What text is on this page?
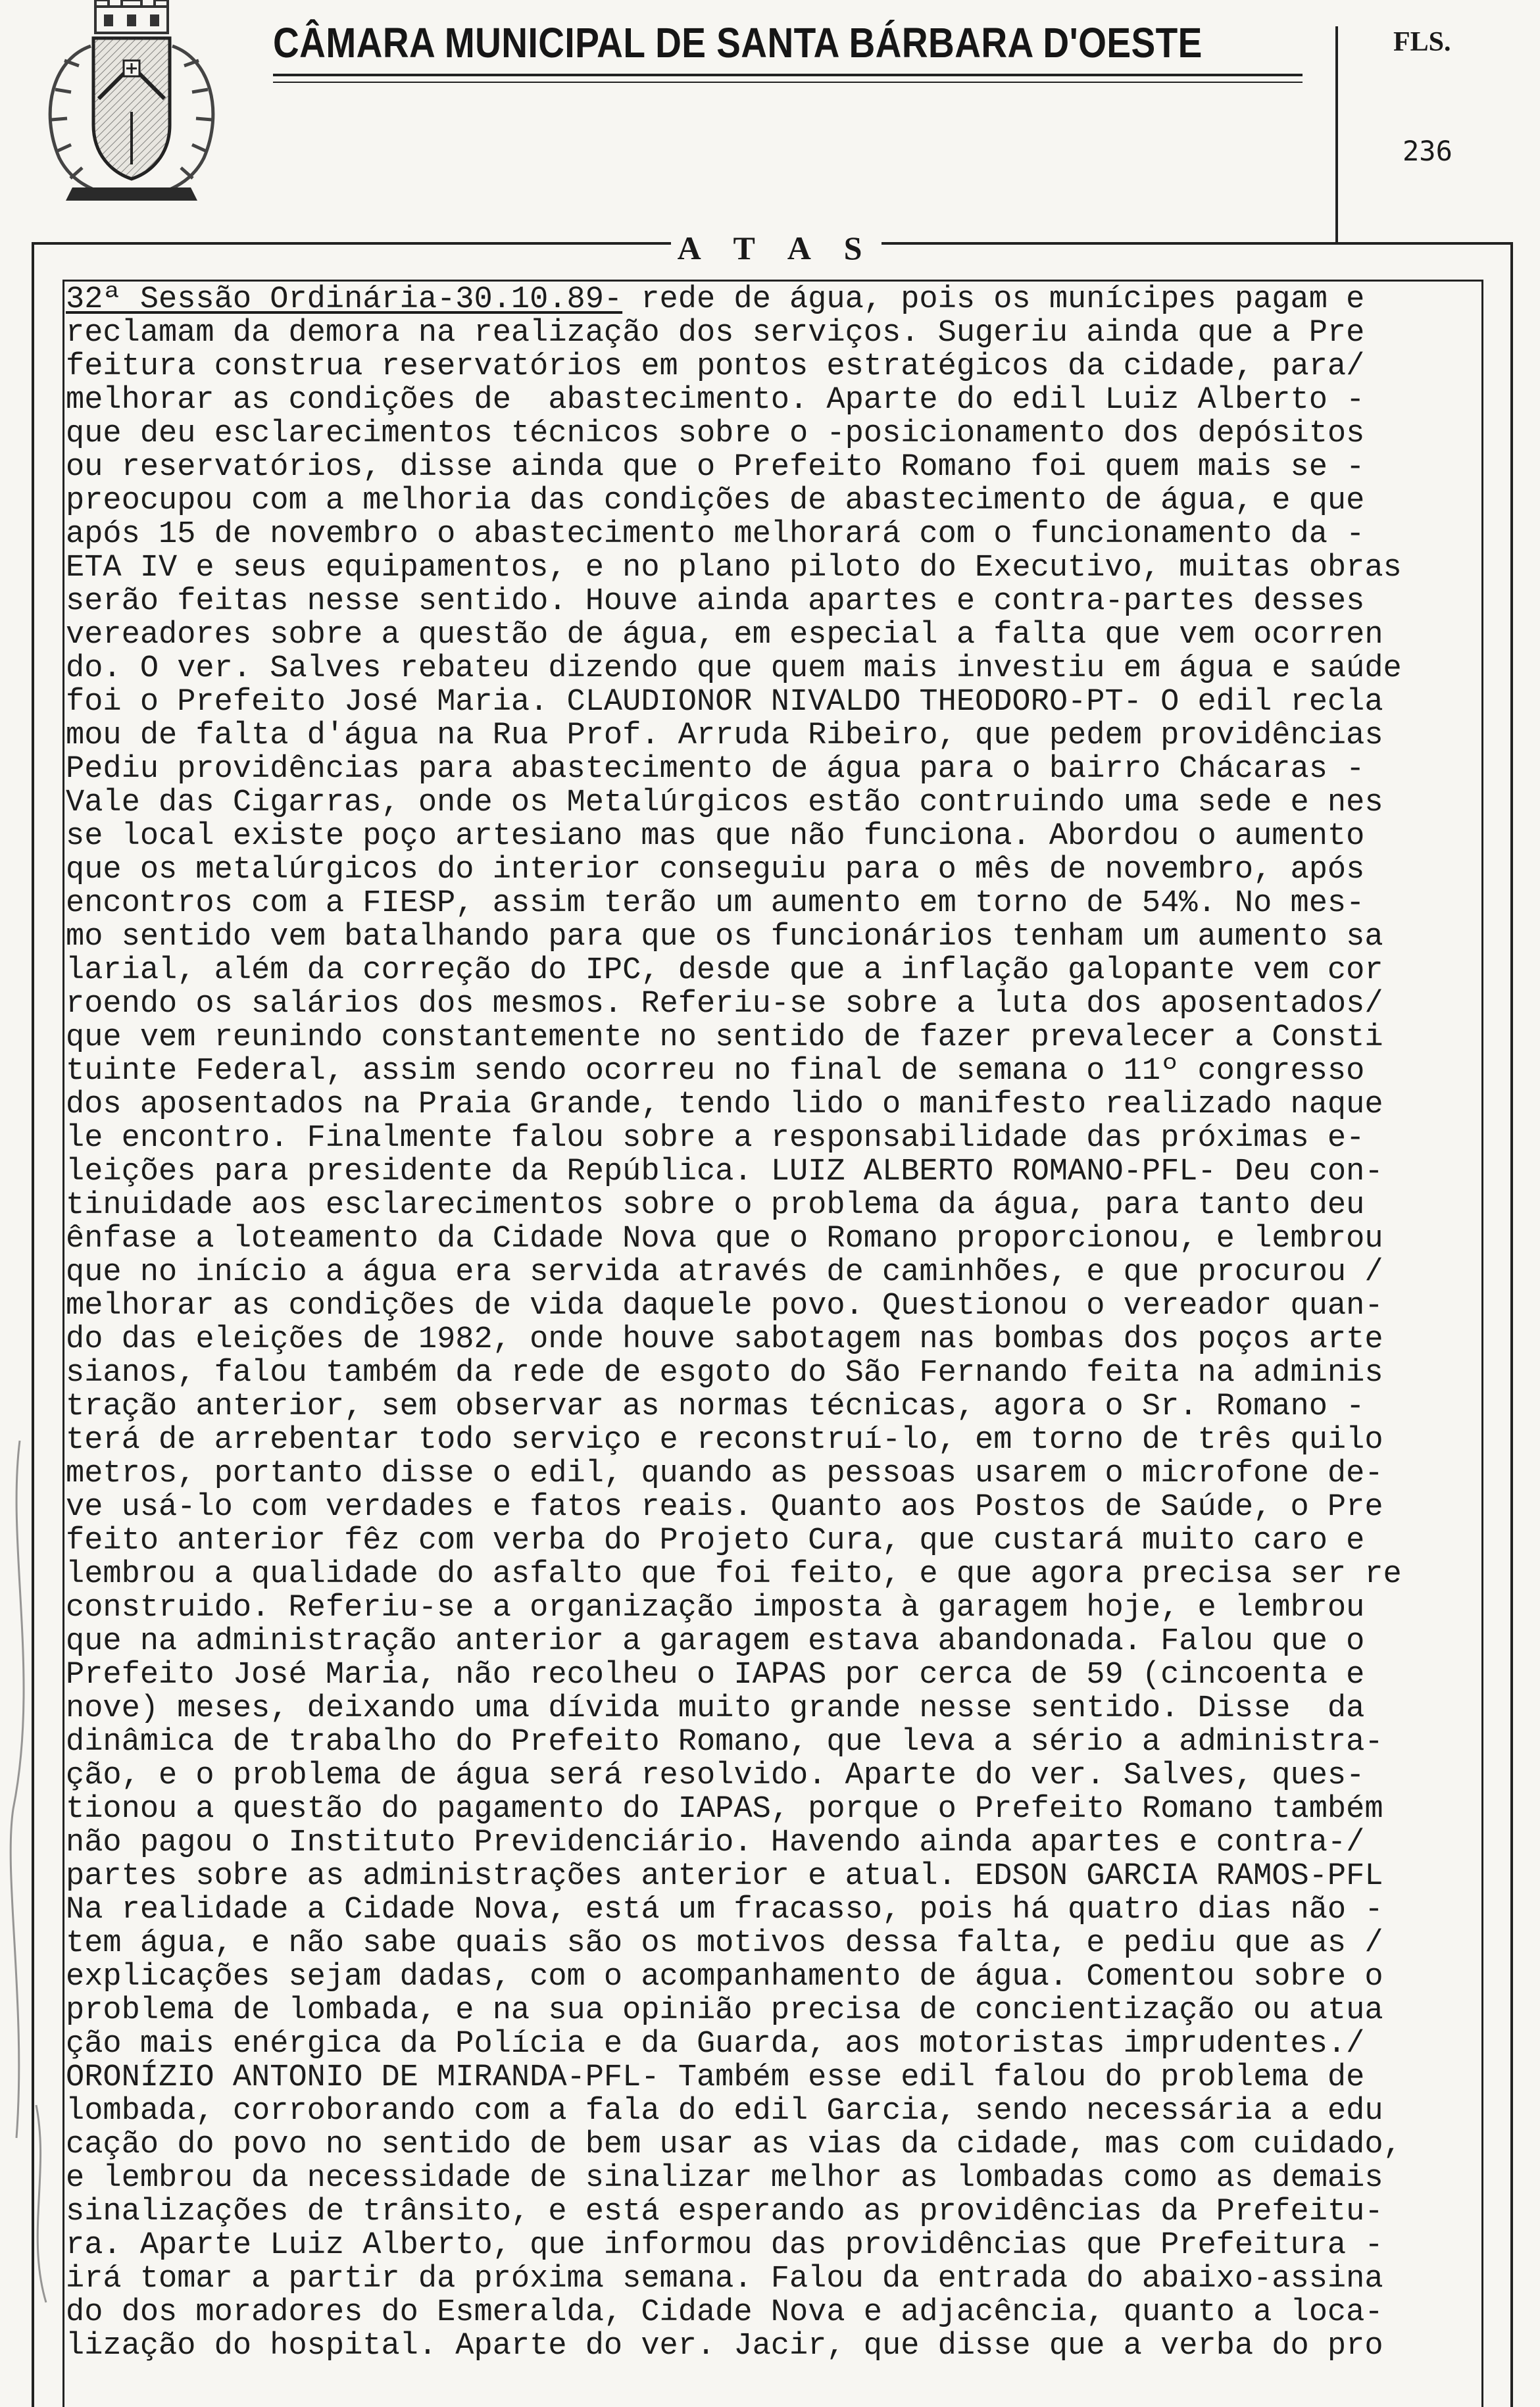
CÂMARA MUNICIPAL DE SANTA BÁRBARA D'OESTE	FLS.
236
A T A S
32ª Sessão Ordinária-30.10.89- rede de água, pois os munícipes pagam e
reclamam da demora na realização dos serviços. Sugeriu ainda que a Pre
feitura construa reservatórios em pontos estratégicos da cidade, para/
melhorar as condições de  abastecimento. Aparte do edil Luiz Alberto -
que deu esclarecimentos técnicos sobre o -posicionamento dos depósitos
ou reservatórios, disse ainda que o Prefeito Romano foi quem mais se -
preocupou com a melhoria das condições de abastecimento de água, e que
após 15 de novembro o abastecimento melhorará com o funcionamento da -
ETA IV e seus equipamentos, e no plano piloto do Executivo, muitas obras
serão feitas nesse sentido. Houve ainda apartes e contra-partes desses
vereadores sobre a questão de água, em especial a falta que vem ocorren
do. O ver. Salves rebateu dizendo que quem mais investiu em água e saúde
foi o Prefeito José Maria. CLAUDIONOR NIVALDO THEODORO-PT- O edil recla
mou de falta d'água na Rua Prof. Arruda Ribeiro, que pedem providências
Pediu providências para abastecimento de água para o bairro Chácaras -
Vale das Cigarras, onde os Metalúrgicos estão contruindo uma sede e nes
se local existe poço artesiano mas que não funciona. Abordou o aumento
que os metalúrgicos do interior conseguiu para o mês de novembro, após
encontros com a FIESP, assim terão um aumento em torno de 54%. No mes-
mo sentido vem batalhando para que os funcionários tenham um aumento sa
larial, além da correção do IPC, desde que a inflação galopante vem cor
roendo os salários dos mesmos. Referiu-se sobre a luta dos aposentados/
que vem reunindo constantemente no sentido de fazer prevalecer a Consti
tuinte Federal, assim sendo ocorreu no final de semana o 11º congresso
dos aposentados na Praia Grande, tendo lido o manifesto realizado naque
le encontro. Finalmente falou sobre a responsabilidade das próximas e-
leições para presidente da República. LUIZ ALBERTO ROMANO-PFL- Deu con-
tinuidade aos esclarecimentos sobre o problema da água, para tanto deu
ênfase a loteamento da Cidade Nova que o Romano proporcionou, e lembrou
que no início a água era servida através de caminhões, e que procurou /
melhorar as condições de vida daquele povo. Questionou o vereador quan-
do das eleições de 1982, onde houve sabotagem nas bombas dos poços arte
sianos, falou também da rede de esgoto do São Fernando feita na adminis
tração anterior, sem observar as normas técnicas, agora o Sr. Romano -
terá de arrebentar todo serviço e reconstruí-lo, em torno de três quilo
metros, portanto disse o edil, quando as pessoas usarem o microfone de-
ve usá-lo com verdades e fatos reais. Quanto aos Postos de Saúde, o Pre
feito anterior fêz com verba do Projeto Cura, que custará muito caro e
lembrou a qualidade do asfalto que foi feito, e que agora precisa ser re
construido. Referiu-se a organização imposta à garagem hoje, e lembrou
que na administração anterior a garagem estava abandonada. Falou que o
Prefeito José Maria, não recolheu o IAPAS por cerca de 59 (cincoenta e
nove) meses, deixando uma dívida muito grande nesse sentido. Disse  da
dinâmica de trabalho do Prefeito Romano, que leva a sério a administra-
ção, e o problema de água será resolvido. Aparte do ver. Salves, ques-
tionou a questão do pagamento do IAPAS, porque o Prefeito Romano também
não pagou o Instituto Previdenciário. Havendo ainda apartes e contra-/
partes sobre as administrações anterior e atual. EDSON GARCIA RAMOS-PFL
Na realidade a Cidade Nova, está um fracasso, pois há quatro dias não -
tem água, e não sabe quais são os motivos dessa falta, e pediu que as /
explicações sejam dadas, com o acompanhamento de água. Comentou sobre o
problema de lombada, e na sua opinião precisa de concientização ou atua
ção mais enérgica da Polícia e da Guarda, aos motoristas imprudentes./
ORONÍZIO ANTONIO DE MIRANDA-PFL- Também esse edil falou do problema de
lombada, corroborando com a fala do edil Garcia, sendo necessária a edu
cação do povo no sentido de bem usar as vias da cidade, mas com cuidado,
e lembrou da necessidade de sinalizar melhor as lombadas como as demais
sinalizações de trânsito, e está esperando as providências da Prefeitu-
ra. Aparte Luiz Alberto, que informou das providências que Prefeitura -
irá tomar a partir da próxima semana. Falou da entrada do abaixo-assina
do dos moradores do Esmeralda, Cidade Nova e adjacência, quanto a loca-
lização do hospital. Aparte do ver. Jacir, que disse que a verba do pro
